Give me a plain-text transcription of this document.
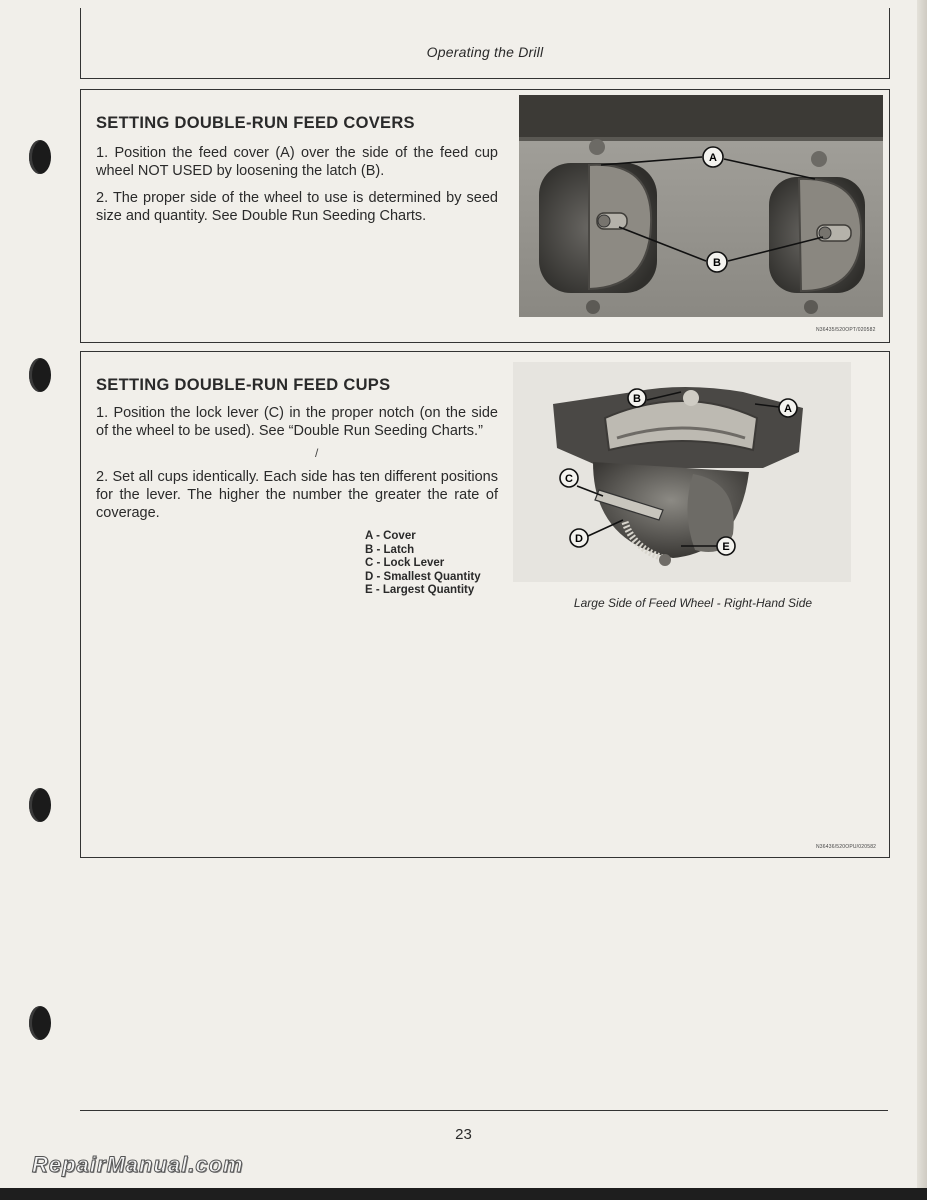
Operating the Drill
SETTING DOUBLE-RUN FEED COVERS

1. Position the feed cover (A) over the side of the feed cup wheel NOT USED by loosening the latch (B).

2. The proper side of the wheel to use is determined by seed size and quantity. See Double Run Seeding Charts.

A
B
N36435/520OPT/020582
SETTING DOUBLE-RUN FEED CUPS

1. Position the lock lever (C) in the proper notch (on the side of the wheel to be used). See “Double Run Seeding Charts.”

2. Set all cups identically. Each side has ten different positions for the lever. The higher the number the greater the rate of coverage.

A - Cover
B - Latch
C - Lock Lever
D - Smallest Quantity
E - Largest Quantity
B
A
C
D
E
Large Side of Feed Wheel - Right-Hand Side
/
N36436/520OPU/020582
23
RepairManual.com
